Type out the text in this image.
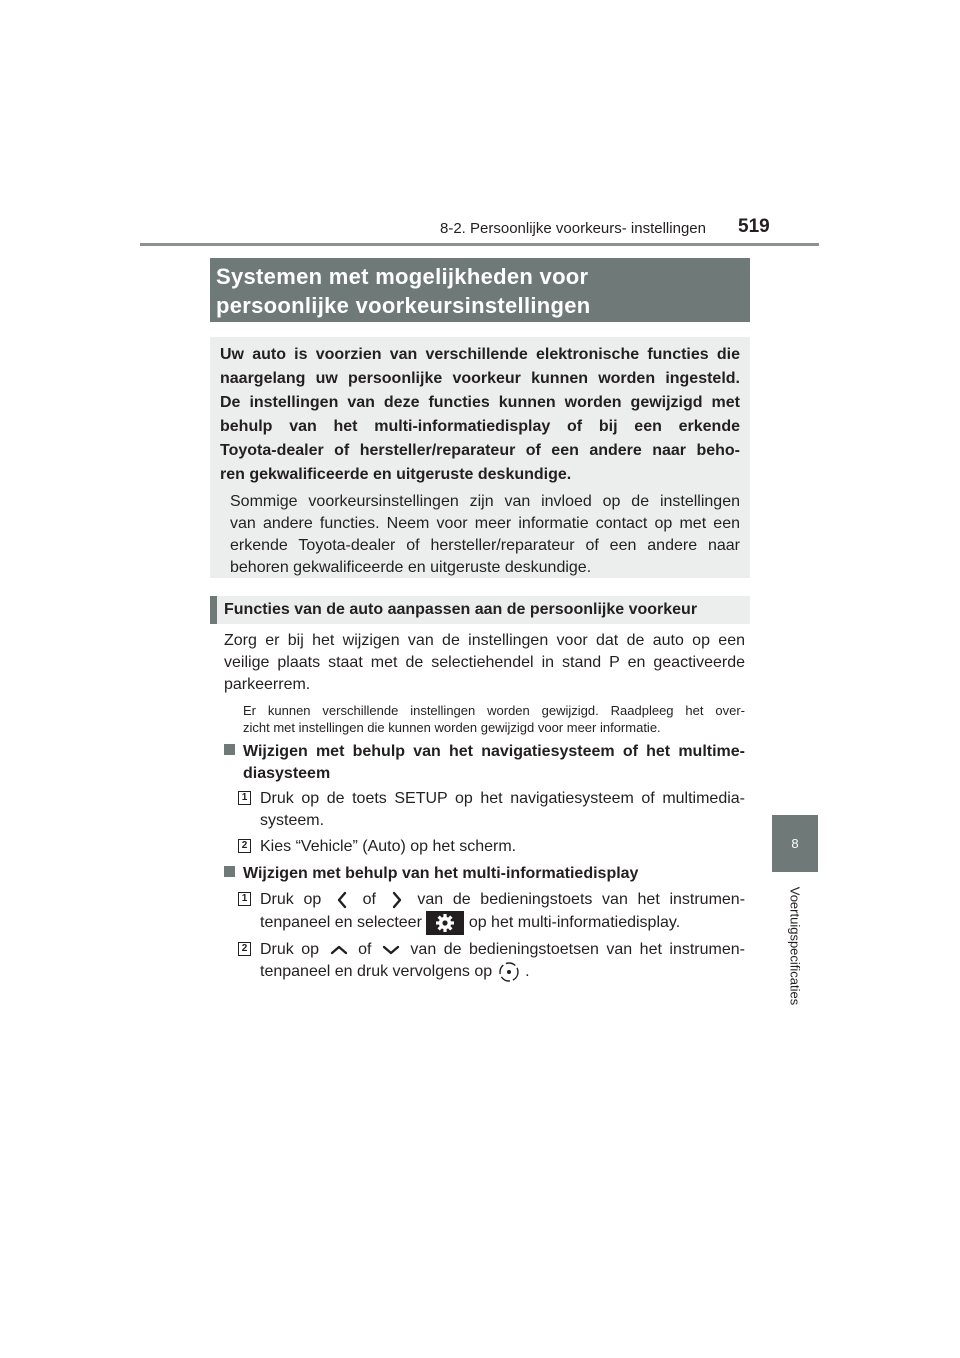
8-2. Persoonlijke voorkeurs- instellingen 519
8
Voertuigspecificaties
Systemen met mogelijkheden voor
persoonlijke voorkeursinstellingen

Uw auto is voorzien van verschillende elektronische functies die

naargelang uw persoonlijke voorkeur kunnen worden ingesteld.

De instellingen van deze functies kunnen worden gewijzigd met

behulp van het multi-informatiedisplay of bij een erkende

Toyota-dealer of hersteller/reparateur of een andere naar beho-

ren gekwalificeerde en uitgeruste deskundige.

Sommige voorkeursinstellingen zijn van invloed op de instellingen

van andere functies. Neem voor meer informatie contact op met een

erkende Toyota-dealer of hersteller/reparateur of een andere naar

behoren gekwalificeerde en uitgeruste deskundige.

Functies van de auto aanpassen aan de persoonlijke voorkeur

Zorg er bij het wijzigen van de instellingen voor dat de auto op een

veilige plaats staat met de selectiehendel in stand P en geactiveerde

parkeerrem.

Er kunnen verschillende instellingen worden gewijzigd. Raadpleeg het over-

zicht met instellingen die kunnen worden gewijzigd voor meer informatie.

Wijzigen met behulp van het navigatiesysteem of het multime-

diasysteem

1 Druk op de toets SETUP op het navigatiesysteem of multimedia-

systeem.

2 Kies “Vehicle” (Auto) op het scherm.

Wijzigen met behulp van het multi-informatiedisplay

1 Druk op	of	van de bedieningstoets van het instrumen-

tenpaneel en selecteer	op het multi-informatiedisplay.

2 Druk op of van de bedieningstoetsen van het instrumen-

tenpaneel en druk vervolgens op .
